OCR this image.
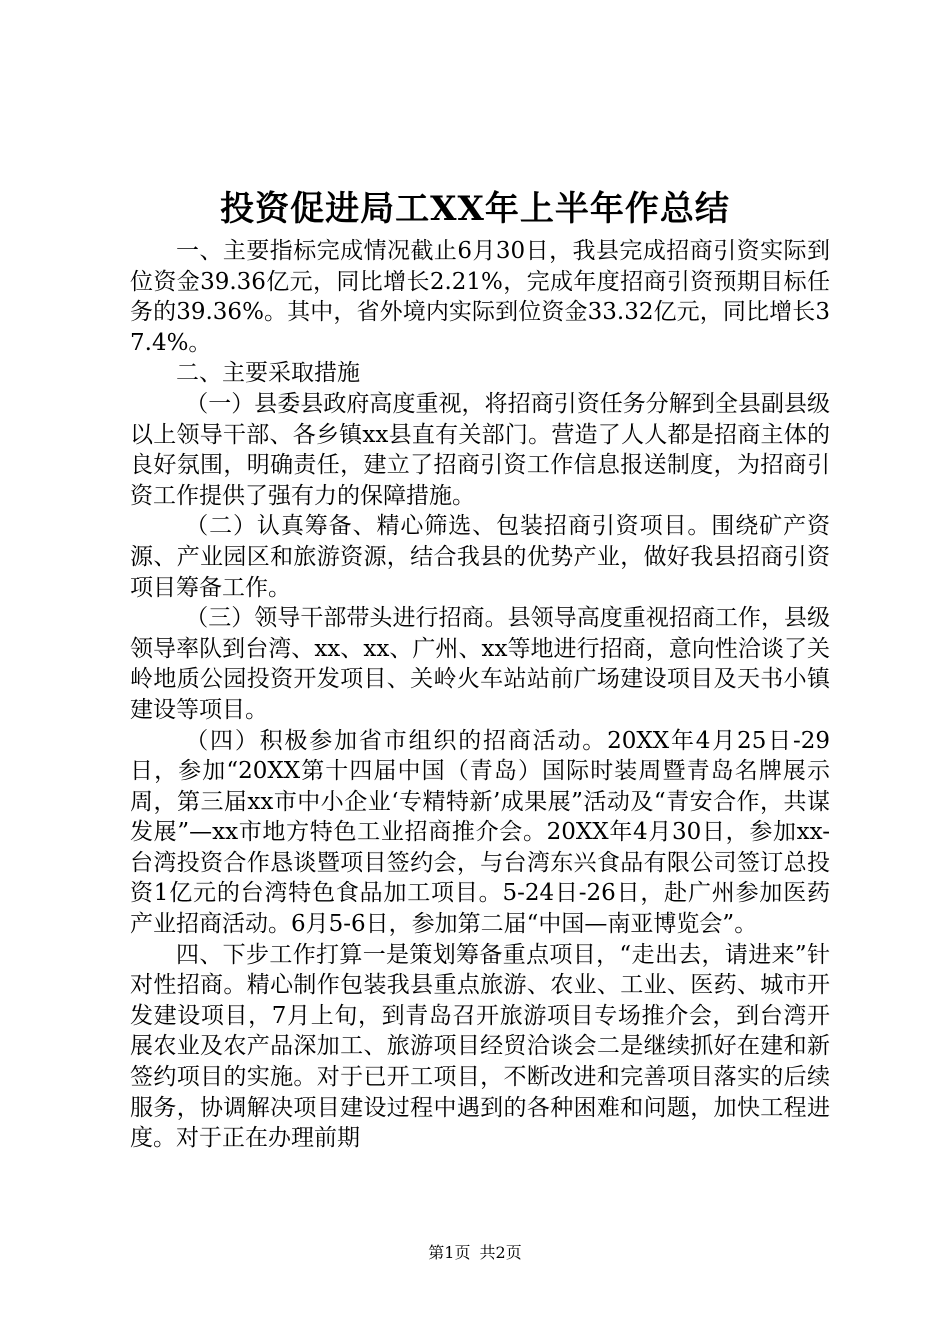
投资促进局工XX年上半年作总结

一、主要指标完成情况截止6月30日，我县完成招商引资实际到位资金39.36亿元，同比增长2.21%，完成年度招商引资预期目标任务的39.36%。其中，省外境内实际到位资金33.32亿元，同比增长37.4%。

二、主要采取措施

（一）县委县政府高度重视，将招商引资任务分解到全县副县级以上领导干部、各乡镇xx县直有关部门。营造了人人都是招商主体的良好氛围，明确责任，建立了招商引资工作信息报送制度，为招商引资工作提供了强有力的保障措施。

（二）认真筹备、精心筛选、包装招商引资项目。围绕矿产资源、产业园区和旅游资源，结合我县的优势产业，做好我县招商引资项目筹备工作。

（三）领导干部带头进行招商。县领导高度重视招商工作，县级领导率队到台湾、xx、xx、广州、xx等地进行招商，意向性洽谈了关岭地质公园投资开发项目、关岭火车站站前广场建设项目及天书小镇建设等项目。

（四）积极参加省市组织的招商活动。20XX年4月25日-29日，参加“20XX第十四届中国（青岛）国际时装周暨青岛名牌展示周，第三届xx市中小企业‘专精特新’成果展”活动及“青安合作，共谋发展”—xx市地方特色工业招商推介会。20XX年4月30日，参加xx-台湾投资合作恳谈暨项目签约会，与台湾东兴食品有限公司签订总投资1亿元的台湾特色食品加工项目。5-24日-26日，赴广州参加医药产业招商活动。6月5-6日，参加第二届“中国—南亚博览会”。

四、下步工作打算一是策划筹备重点项目，“走出去，请进来”针对性招商。精心制作包装我县重点旅游、农业、工业、医药、城市开发建设项目，7月上旬，到青岛召开旅游项目专场推介会，到台湾开展农业及农产品深加工、旅游项目经贸洽谈会二是继续抓好在建和新签约项目的实施。对于已开工项目，不断改进和完善项目落实的后续服务，协调解决项目建设过程中遇到的各种困难和问题，加快工程进度。对于正在办理前期

第1页 共2页
